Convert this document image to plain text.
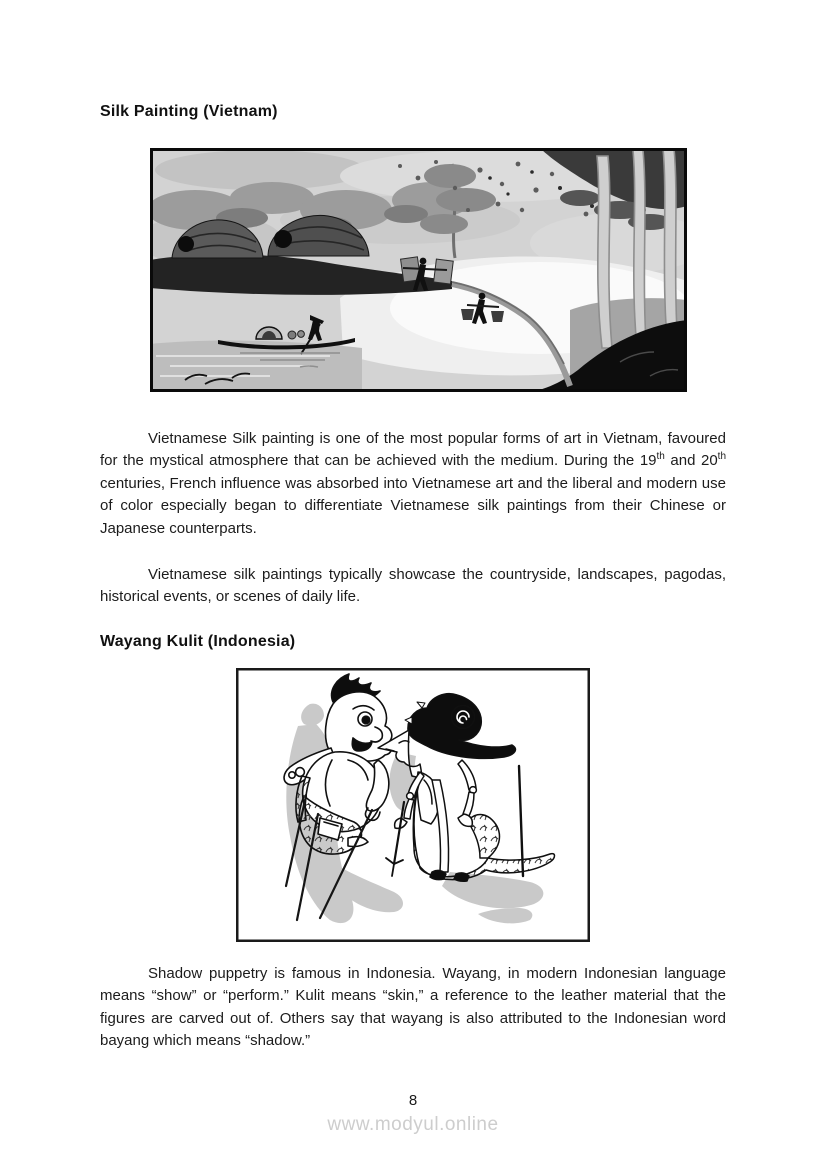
Silk Painting (Vietnam)

Vietnamese Silk painting is one of the most popular forms of art in Vietnam, favoured for the mystical atmosphere that can be achieved with the medium. During the 19th and 20th centuries, French influence was absorbed into Vietnamese art and the liberal and modern use of color especially began to differentiate Vietnamese silk paintings from their Chinese or Japanese counterparts.

Vietnamese silk paintings typically showcase the countryside, landscapes, pagodas, historical events, or scenes of daily life.

Wayang Kulit (Indonesia)

Shadow puppetry is famous in Indonesia. Wayang, in modern Indonesian language means “show” or “perform.” Kulit means “skin,” a reference to the leather material that the figures are carved out of. Others say that wayang is also attributed to the Indonesian word bayang which means “shadow.”

8
www.modyul.online
